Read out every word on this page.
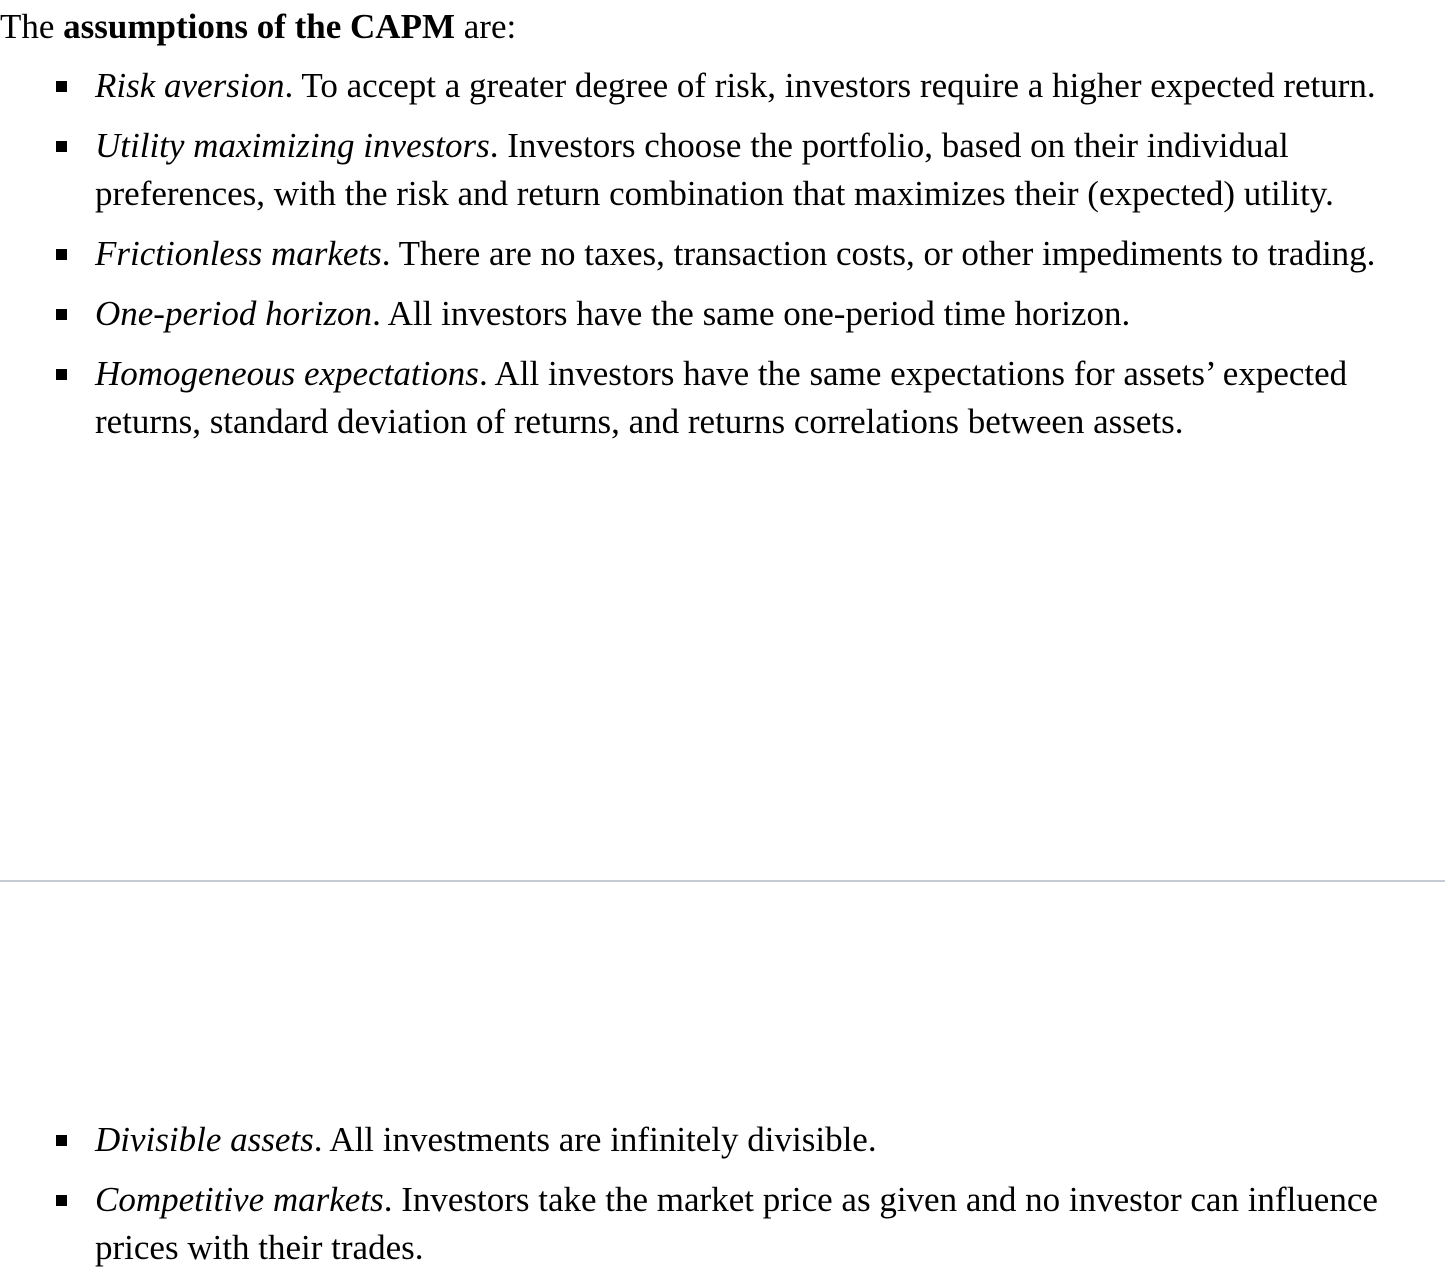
The assumptions of the CAPM are:

Risk aversion. To accept a greater degree of risk, investors require a higher expected return.
Utility maximizing investors. Investors choose the portfolio, based on their individual preferences, with the risk and return combination that maximizes their (expected) utility.
Frictionless markets. There are no taxes, transaction costs, or other impediments to trading.
One-period horizon. All investors have the same one-period time horizon.
Homogeneous expectations. All investors have the same expectations for assets’ expected returns, standard deviation of returns, and returns correlations between assets.
Divisible assets. All investments are infinitely divisible.
Competitive markets. Investors take the market price as given and no investor can influence prices with their trades.
